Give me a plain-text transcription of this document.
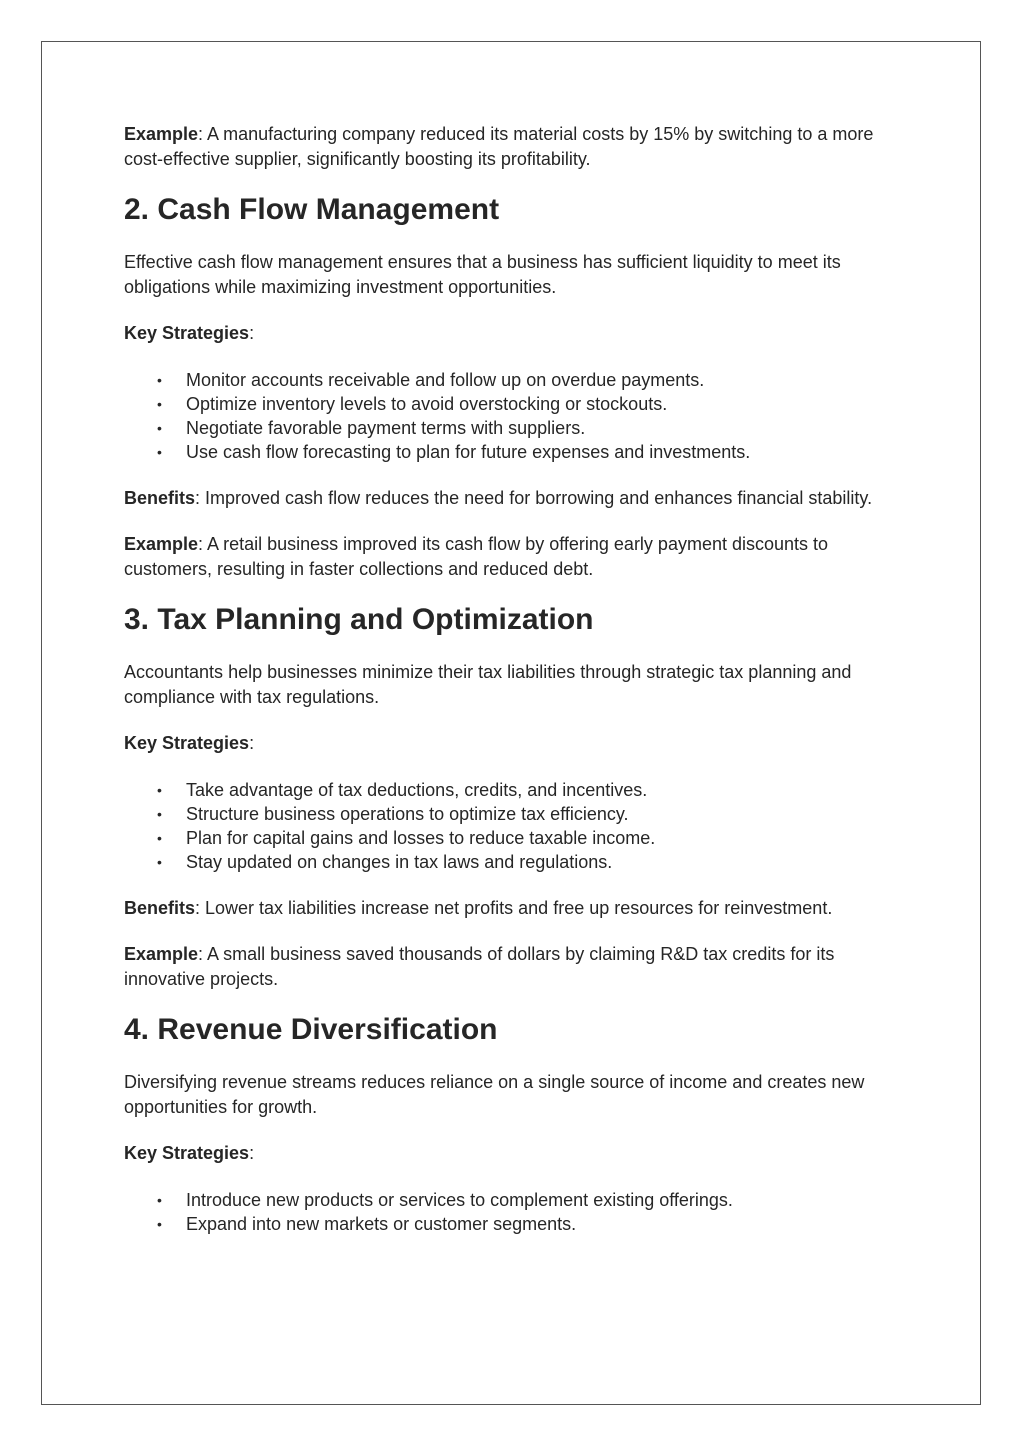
Example: A manufacturing company reduced its material costs by 15% by switching to a more cost-effective supplier, significantly boosting its profitability.

2. Cash Flow Management

Effective cash flow management ensures that a business has sufficient liquidity to meet its obligations while maximizing investment opportunities.

Key Strategies:

• Monitor accounts receivable and follow up on overdue payments.
• Optimize inventory levels to avoid overstocking or stockouts.
• Negotiate favorable payment terms with suppliers.
• Use cash flow forecasting to plan for future expenses and investments.

Benefits: Improved cash flow reduces the need for borrowing and enhances financial stability.

Example: A retail business improved its cash flow by offering early payment discounts to customers, resulting in faster collections and reduced debt.

3. Tax Planning and Optimization

Accountants help businesses minimize their tax liabilities through strategic tax planning and compliance with tax regulations.

Key Strategies:

• Take advantage of tax deductions, credits, and incentives.
• Structure business operations to optimize tax efficiency.
• Plan for capital gains and losses to reduce taxable income.
• Stay updated on changes in tax laws and regulations.

Benefits: Lower tax liabilities increase net profits and free up resources for reinvestment.

Example: A small business saved thousands of dollars by claiming R&D tax credits for its innovative projects.

4. Revenue Diversification

Diversifying revenue streams reduces reliance on a single source of income and creates new opportunities for growth.

Key Strategies:

• Introduce new products or services to complement existing offerings.
• Expand into new markets or customer segments.
